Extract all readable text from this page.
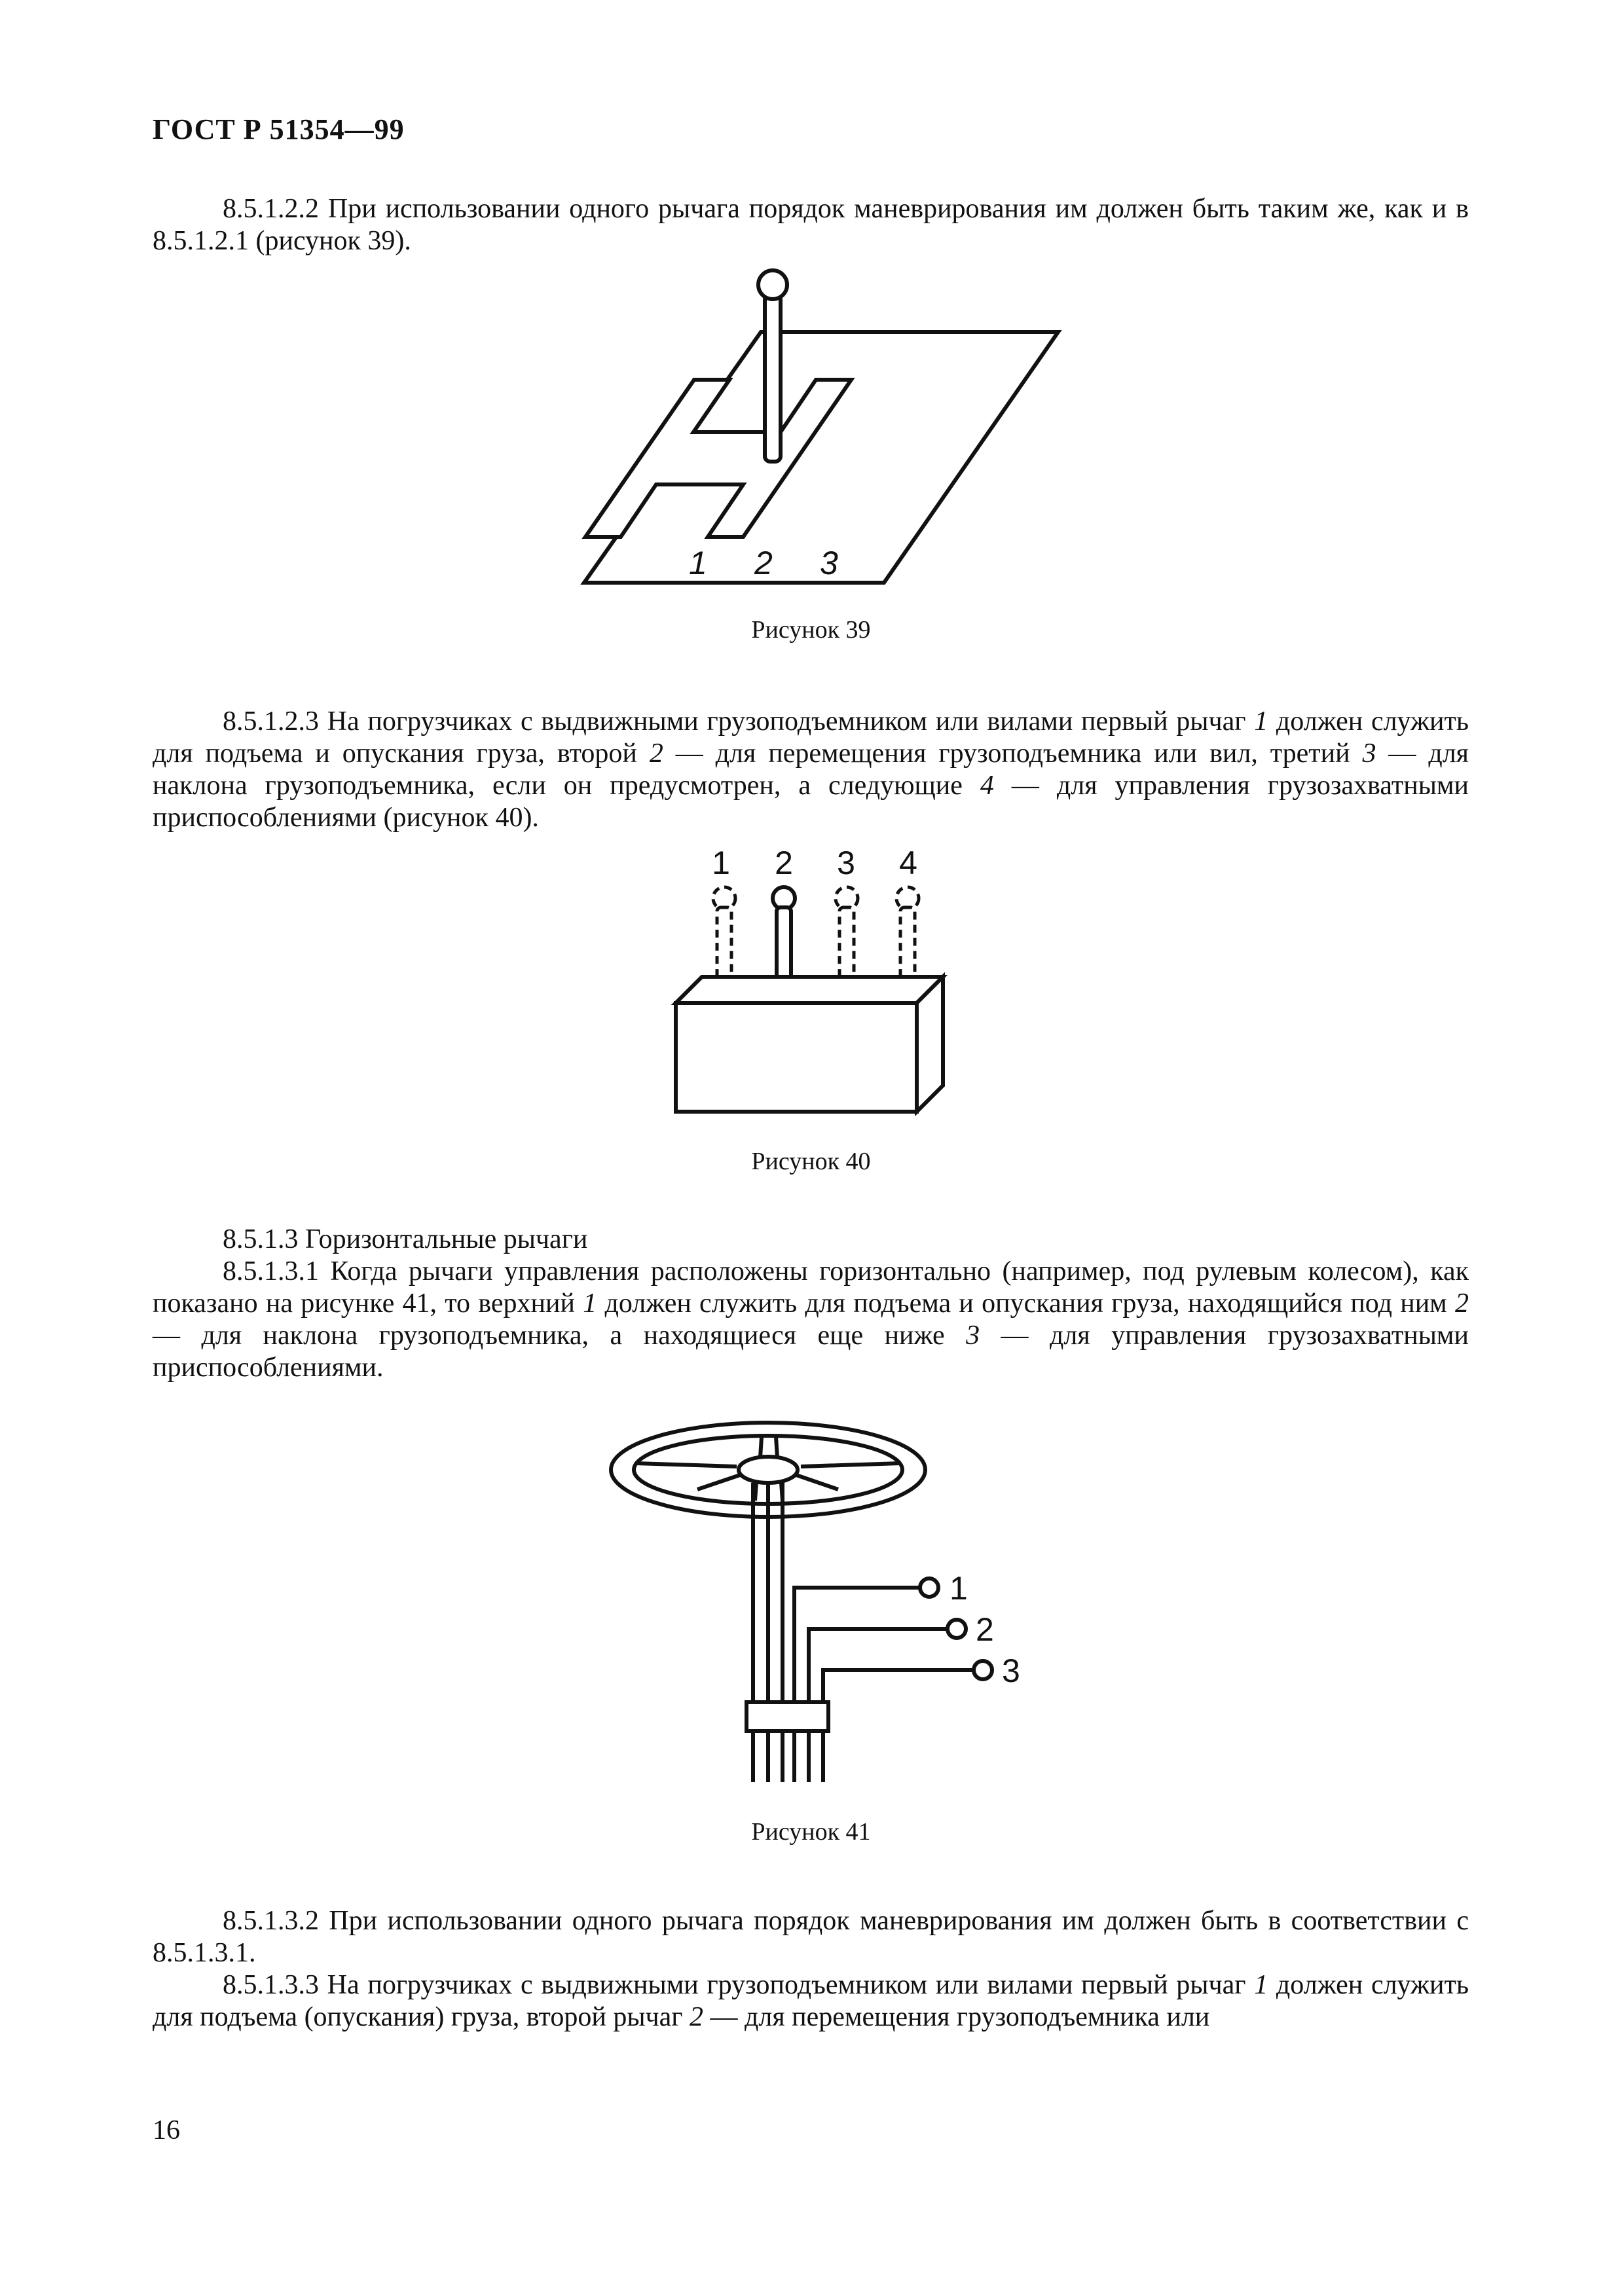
ГОСТ Р 51354—99

8.5.1.2.2 При использовании одного рычага порядок маневрирования им должен быть таким же, как и в 8.5.1.2.1 (рисунок 39).

1 2 3
Рисунок 39

8.5.1.2.3 На погрузчиках с выдвижными грузоподъемником или вилами первый рычаг 1 должен служить для подъема и опускания груза, второй 2 — для перемещения грузоподъемника или вил, третий 3 — для наклона грузоподъемника, если он предусмотрен, а следующие 4 — для управления грузозахватными приспособлениями (рисунок 40).

1 2 3 4
Рисунок 40

8.5.1.3 Горизонтальные рычаги

8.5.1.3.1 Когда рычаги управления расположены горизонтально (например, под рулевым колесом), как показано на рисунке 41, то верхний 1 должен служить для подъема и опускания груза, находящийся под ним 2 — для наклона грузоподъемника, а находящиеся еще ниже 3 — для управления грузозахватными приспособлениями.

1
2
3
Рисунок 41

8.5.1.3.2 При использовании одного рычага порядок маневрирования им должен быть в соответствии с 8.5.1.3.1.

8.5.1.3.3 На погрузчиках с выдвижными грузоподъемником или вилами первый рычаг 1 должен служить для подъема (опускания) груза, второй рычаг 2 — для перемещения грузоподъемника или

16
